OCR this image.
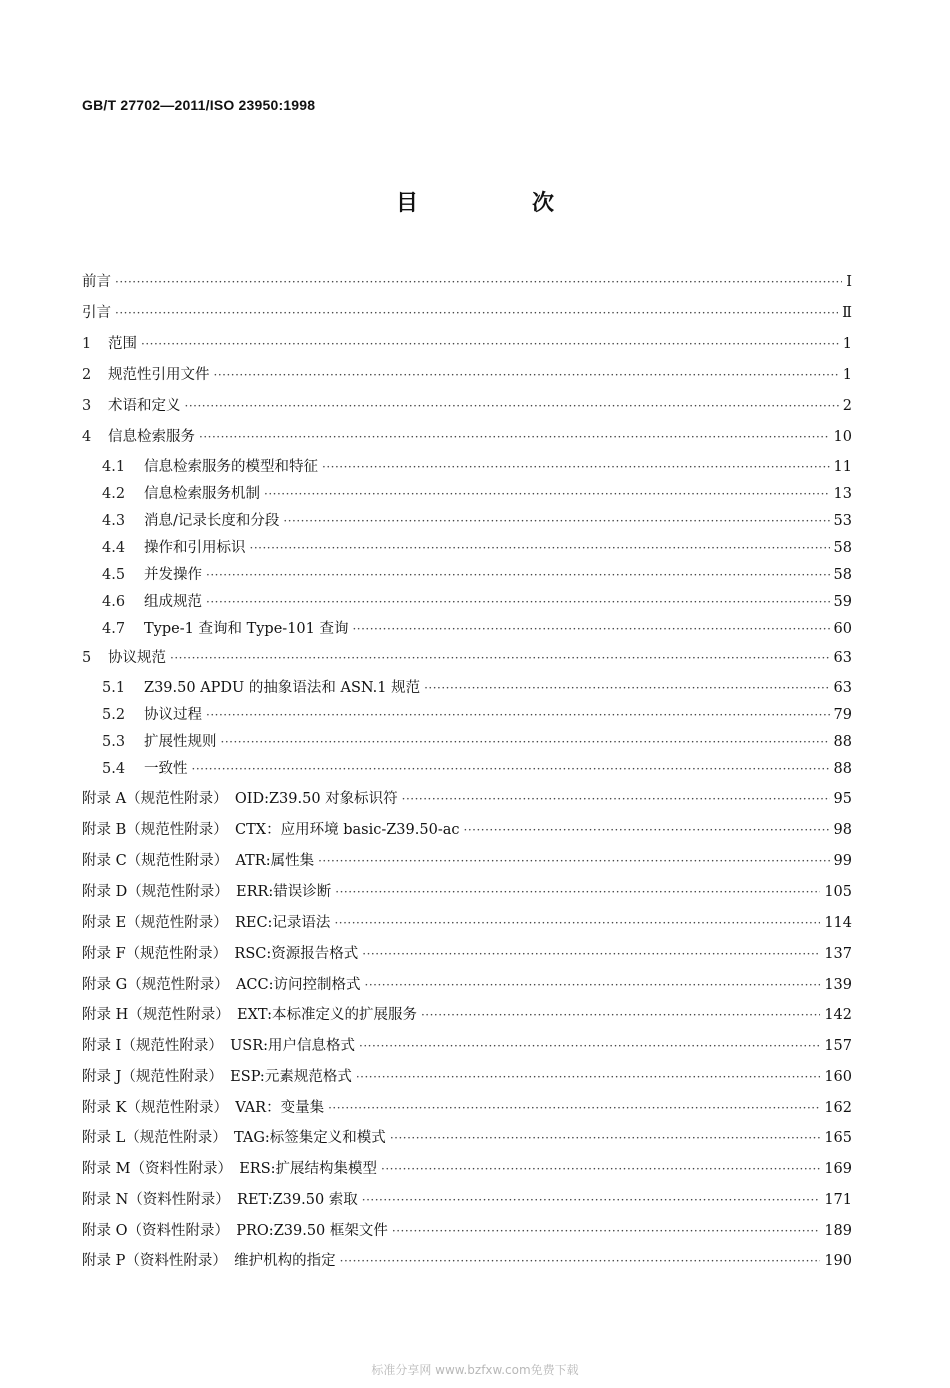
GB/T 27702—2011/ISO 23950:1998
目　次
前言 ·····	Ⅰ
引言 ·····	Ⅱ
1	范围 ·····	1
2	规范性引用文件 ·····	1
3	术语和定义 ·····	2
4	信息检索服务 ·····	10
4.1	信息检索服务的模型和特征 ·····	11
4.2	信息检索服务机制 ·····	13
4.3	消息/记录长度和分段 ·····	53
4.4	操作和引用标识 ·····	58
4.5	并发操作 ·····	58
4.6	组成规范 ·····	59
4.7	Type-1 查询和 Type-101 查询 ·····	60
5	协议规范 ·····	63
5.1	Z39.50 APDU 的抽象语法和 ASN.1 规范 ·····	63
5.2	协议过程 ·····	79
5.3	扩展性规则 ·····	88
5.4	一致性 ·····	88
附录 A（规范性附录）　OID:Z39.50 对象标识符 ·····	95
附录 B（规范性附录）　CTX：应用环境 basic-Z39.50-ac ·····	98
附录 C（规范性附录）　ATR:属性集 ·····	99
附录 D（规范性附录）　ERR:错误诊断 ·····	105
附录 E（规范性附录）　REC:记录语法 ·····	114
附录 F（规范性附录）　RSC:资源报告格式 ·····	137
附录 G（规范性附录）　ACC:访问控制格式 ·····	139
附录 H（规范性附录）　EXT:本标准定义的扩展服务 ·····	142
附录 I（规范性附录）　USR:用户信息格式 ·····	157
附录 J（规范性附录）　ESP:元素规范格式 ·····	160
附录 K（规范性附录）　VAR：变量集 ·····	162
附录 L（规范性附录）　TAG:标签集定义和模式 ·····	165
附录 M（资料性附录）　ERS:扩展结构集模型 ·····	169
附录 N（资料性附录）　RET:Z39.50 索取 ·····	171
附录 O（资料性附录）　PRO:Z39.50 框架文件 ·····	189
附录 P（资料性附录）　维护机构的指定 ·····	190
标准分享网 www.bzfxw.com免费下载
